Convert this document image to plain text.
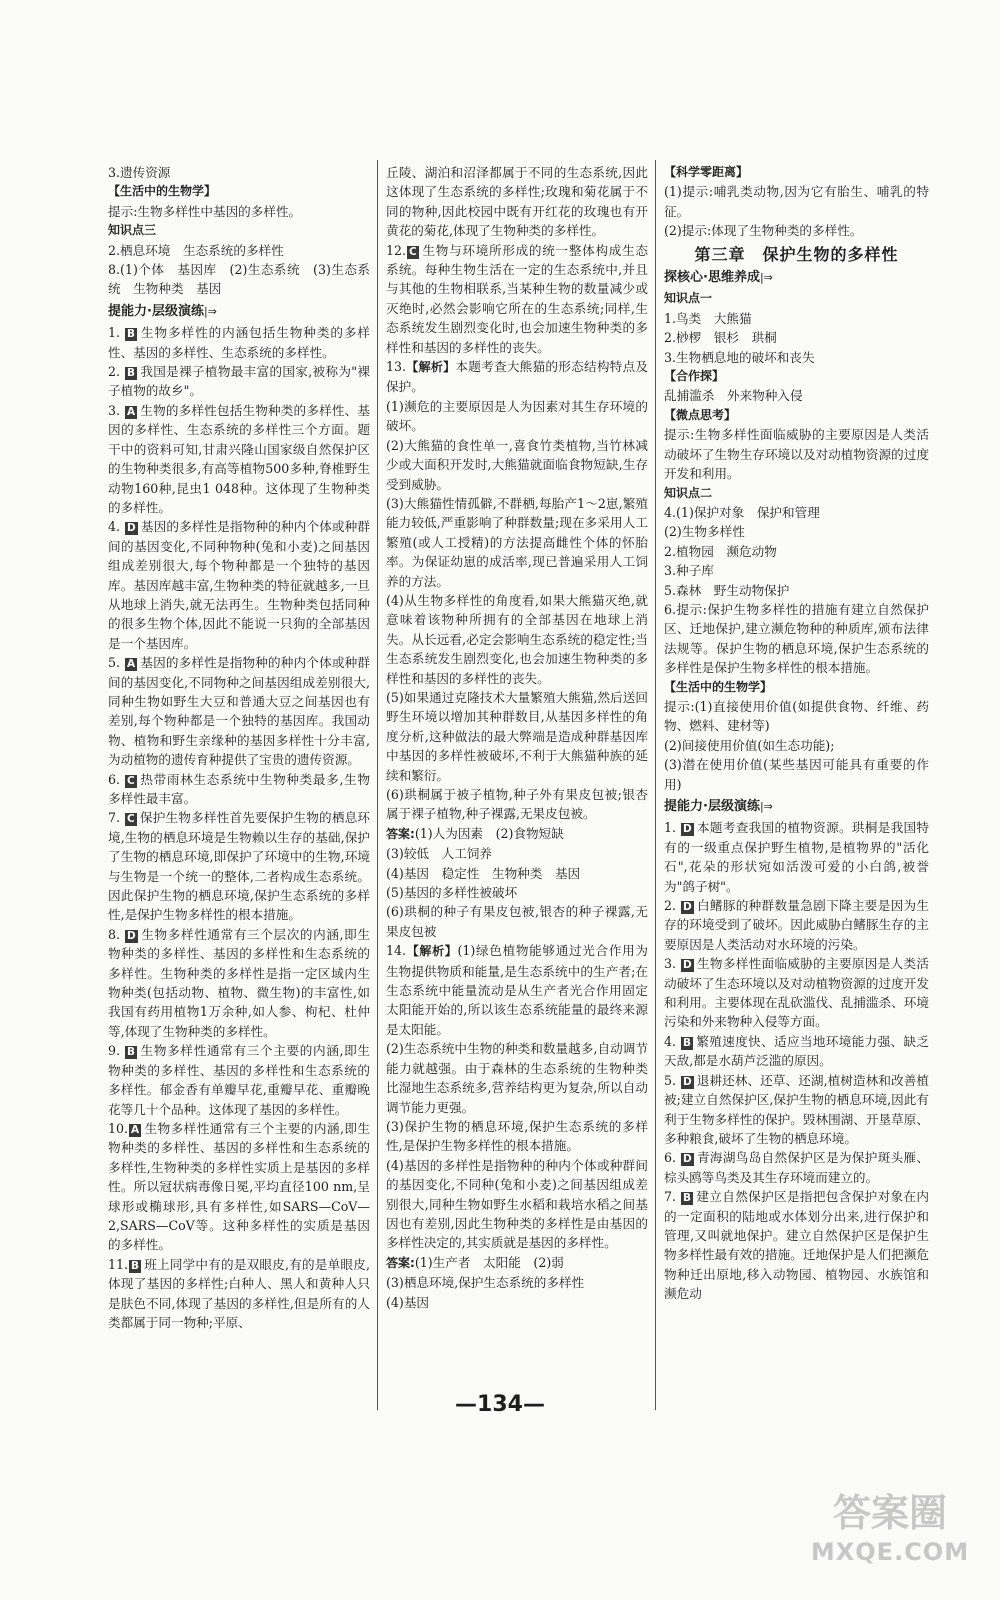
3.遗传资源

【生活中的生物学】

提示:生物多样性中基因的多样性。

知识点三

2.栖息环境　生态系统的多样性

8.(1)个体　基因库　(2)生态系统　(3)生态系统　生物种类　基因

提能力·层级演练|⇒

1. B 生物多样性的内涵包括生物种类的多样性、基因的多样性、生态系统的多样性。

2. B 我国是裸子植物最丰富的国家,被称为"裸子植物的故乡"。

3. A 生物的多样性包括生物种类的多样性、基因的多样性、生态系统的多样性三个方面。题干中的资料可知,甘肃兴隆山国家级自然保护区的生物种类很多,有高等植物500多种,脊椎野生动物160种,昆虫1 048种。这体现了生物种类的多样性。

4. D 基因的多样性是指物种的种内个体或种群间的基因变化,不同种物种(兔和小麦)之间基因组成差别很大,每个物种都是一个独特的基因库。基因库越丰富,生物种类的特征就越多,一旦从地球上消失,就无法再生。生物种类包括同种的很多生物个体,因此不能说一只狗的全部基因是一个基因库。

5. A 基因的多样性是指物种的种内个体或种群间的基因变化,不同物种之间基因组成差别很大,同种生物如野生大豆和普通大豆之间基因也有差别,每个物种都是一个独特的基因库。我国动物、植物和野生亲缘种的基因多样性十分丰富,为动植物的遗传育种提供了宝贵的遗传资源。

6. C 热带雨林生态系统中生物种类最多,生物多样性最丰富。

7. C 保护生物多样性首先要保护生物的栖息环境,生物的栖息环境是生物赖以生存的基础,保护了生物的栖息环境,即保护了环境中的生物,环境与生物是一个统一的整体,二者构成生态系统。因此保护生物的栖息环境,保护生态系统的多样性,是保护生物多样性的根本措施。

8. D 生物多样性通常有三个层次的内涵,即生物种类的多样性、基因的多样性和生态系统的多样性。生物种类的多样性是指一定区域内生物种类(包括动物、植物、微生物)的丰富性,如我国有药用植物1万余种,如人参、枸杞、杜仲等,体现了生物种类的多样性。

9. B 生物多样性通常有三个主要的内涵,即生物种类的多样性、基因的多样性和生态系统的多样性。郁金香有单瓣早花,重瓣早花、重瓣晚花等几十个品种。这体现了基因的多样性。

10. A 生物多样性通常有三个主要的内涵,即生物种类的多样性、基因的多样性和生态系统的多样性,生物种类的多样性实质上是基因的多样性。所以冠状病毒像日冕,平均直径100 nm,呈球形或椭球形,具有多样性,如SARS—CoV—2,SARS—CoV等。这种多样性的实质是基因的多样性。

11. B 班上同学中有的是双眼皮,有的是单眼皮,体现了基因的多样性;白种人、黑人和黄种人只是肤色不同,体现了基因的多样性,但是所有的人类都属于同一物种;平原、

丘陵、湖泊和沼泽都属于不同的生态系统,因此这体现了生态系统的多样性;玫瑰和菊花属于不同的物种,因此校园中既有开红花的玫瑰也有开黄花的菊花,体现了生物种类的多样性。

12. C 生物与环境所形成的统一整体构成生态系统。每种生物生活在一定的生态系统中,并且与其他的生物相联系,当某种生物的数量减少或灭绝时,必然会影响它所在的生态系统;同样,生态系统发生剧烈变化时,也会加速生物种类的多样性和基因的多样性的丧失。

13.【解析】本题考查大熊猫的形态结构特点及保护。

(1)濒危的主要原因是人为因素对其生存环境的破坏。

(2)大熊猫的食性单一,喜食竹类植物,当竹林减少或大面积开发时,大熊猫就面临食物短缺,生存受到威胁。

(3)大熊猫性情孤僻,不群栖,每胎产1～2崽,繁殖能力较低,严重影响了种群数量;现在多采用人工繁殖(或人工授精)的方法提高雌性个体的怀胎率。为保证幼崽的成活率,现已普遍采用人工饲养的方法。

(4)从生物多样性的角度看,如果大熊猫灭绝,就意味着该物种所拥有的全部基因在地球上消失。从长远看,必定会影响生态系统的稳定性;当生态系统发生剧烈变化,也会加速生物种类的多样性和基因的多样性的丧失。

(5)如果通过克隆技术大量繁殖大熊猫,然后送回野生环境以增加其种群数目,从基因多样性的角度分析,这种做法的最大弊端是造成种群基因库中基因的多样性被破坏,不利于大熊猫种族的延续和繁衍。

(6)珙桐属于被子植物,种子外有果皮包被;银杏属于裸子植物,种子裸露,无果皮包被。

答案:(1)人为因素　(2)食物短缺

(3)较低　人工饲养

(4)基因　稳定性　生物种类　基因

(5)基因的多样性被破坏

(6)珙桐的种子有果皮包被,银杏的种子裸露,无果皮包被

14.【解析】(1)绿色植物能够通过光合作用为生物提供物质和能量,是生态系统中的生产者;在生态系统中能量流动是从生产者光合作用固定太阳能开始的,所以该生态系统能量的最终来源是太阳能。

(2)生态系统中生物的种类和数量越多,自动调节能力就越强。由于森林的生态系统的生物种类比湿地生态系统多,营养结构更为复杂,所以自动调节能力更强。

(3)保护生物的栖息环境,保护生态系统的多样性,是保护生物多样性的根本措施。

(4)基因的多样性是指物种的种内个体或种群间的基因变化,不同种(兔和小麦)之间基因组成差别很大,同种生物如野生水稻和栽培水稻之间基因也有差别,因此生物种类的多样性是由基因的多样性决定的,其实质就是基因的多样性。

答案:(1)生产者　太阳能　(2)弱

(3)栖息环境,保护生态系统的多样性

(4)基因

【科学零距离】

(1)提示:哺乳类动物,因为它有胎生、哺乳的特征。

(2)提示:体现了生物种类的多样性。

第三章　保护生物的多样性
探核心·思维养成|⇒

知识点一

1.鸟类　大熊猫

2.桫椤　银杉　珙桐

3.生物栖息地的破坏和丧失

【合作探】

乱捕滥杀　外来物种入侵

【微点思考】

提示:生物多样性面临威胁的主要原因是人类活动破坏了生物生存环境以及对动植物资源的过度开发和利用。

知识点二

4.(1)保护对象　保护和管理

(2)生物多样性

2.植物园　濒危动物

3.种子库

5.森林　野生动物保护

6.提示:保护生物多样性的措施有建立自然保护区、迁地保护,建立濒危物种的种质库,颁布法律法规等。保护生物的栖息环境,保护生态系统的多样性是保护生物多样性的根本措施。

【生活中的生物学】

提示:(1)直接使用价值(如提供食物、纤维、药物、燃料、建材等)

(2)间接使用价值(如生态功能);

(3)潜在使用价值(某些基因可能具有重要的作用)

提能力·层级演练|⇒

1. D 本题考查我国的植物资源。珙桐是我国特有的一级重点保护野生植物,是植物界的"活化石",花朵的形状宛如活泼可爱的小白鸽,被誉为"鸽子树"。

2. D 白鳍豚的种群数量急剧下降主要是因为生存的环境受到了破坏。因此威胁白鳍豚生存的主要原因是人类活动对水环境的污染。

3. D 生物多样性面临威胁的主要原因是人类活动破坏了生态环境以及对动植物资源的过度开发和利用。主要体现在乱砍滥伐、乱捕滥杀、环境污染和外来物种入侵等方面。

4. B 繁殖速度快、适应当地环境能力强、缺乏天敌,都是水葫芦泛滥的原因。

5. D 退耕还林、还草、还湖,植树造林和改善植被;建立自然保护区,保护生物的栖息环境,因此有利于生物多样性的保护。毁林围湖、开垦草原、多种粮食,破坏了生物的栖息环境。

6. D 青海湖鸟岛自然保护区是为保护斑头雁、棕头鸥等鸟类及其生存环境而建立的。

7. B 建立自然保护区是指把包含保护对象在内的一定面积的陆地或水体划分出来,进行保护和管理,又叫就地保护。建立自然保护区是保护生物多样性最有效的措施。迁地保护是人们把濒危物种迁出原地,移入动物园、植物园、水族馆和濒危动

—134—
答案圈
MXQE.COM
